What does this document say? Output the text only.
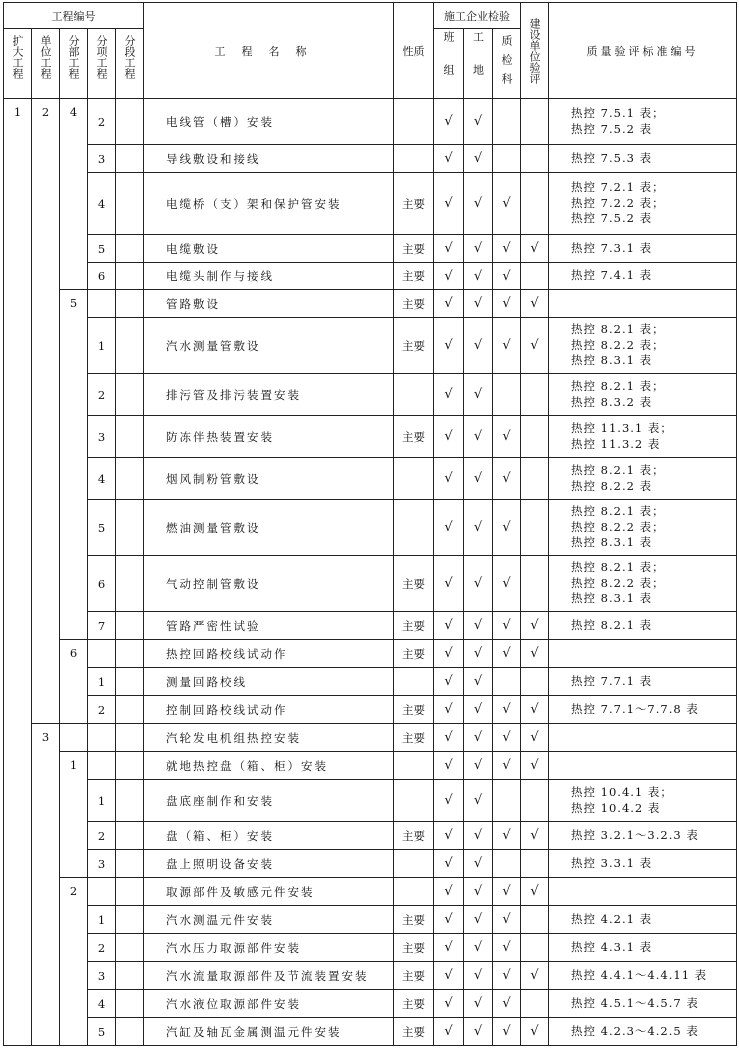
工程编号					工程名称	性质	施工企业检验			建设单位验评	质量验评标准编号

扩大工程	单位工程	分部工程	分项工程	分段工程			班组	工地	质检科		

1	2	4	2		电线管（槽）安装		√	√			热控 7.5.1 表；
热控 7.5.2 表

			3		导线敷设和接线		√	√			热控 7.5.3 表

			4		电缆桥（支）架和保护管安装	主要	√	√	√		热控 7.2.1 表；
热控 7.2.2 表；
热控 7.5.2 表

			5		电缆敷设	主要	√	√	√	√	热控 7.3.1 表

			6		电缆头制作与接线	主要	√	√	√		热控 7.4.1 表

		5			管路敷设	主要	√	√	√	√	
			1		汽水测量管敷设	主要	√	√	√	√	热控 8.2.1 表；
热控 8.2.2 表；
热控 8.3.1 表

			2		排污管及排污装置安装		√	√			热控 8.2.1 表；
热控 8.3.2 表

			3		防冻伴热装置安装	主要	√	√	√		热控 11.3.1 表；
热控 11.3.2 表

			4		烟风制粉管敷设		√	√	√		热控 8.2.1 表；
热控 8.2.2 表

			5		燃油测量管敷设		√	√	√		热控 8.2.1 表；
热控 8.2.2 表；
热控 8.3.1 表

			6		气动控制管敷设	主要	√	√	√		热控 8.2.1 表；
热控 8.2.2 表；
热控 8.3.1 表

			7		管路严密性试验	主要	√	√	√	√	热控 8.2.1 表

		6			热控回路校线试动作	主要	√	√	√	√	
			1		测量回路校线		√	√			热控 7.7.1 表

			2		控制回路校线试动作	主要	√	√	√	√	热控 7.7.1～7.7.8 表

	3				汽轮发电机组热控安装	主要	√	√	√	√	
		1			就地热控盘（箱、柜）安装		√	√	√	√	
			1		盘底座制作和安装		√	√			热控 10.4.1 表；
热控 10.4.2 表

			2		盘（箱、柜）安装	主要	√	√	√	√	热控 3.2.1～3.2.3 表

			3		盘上照明设备安装		√	√			热控 3.3.1 表

		2			取源部件及敏感元件安装		√	√	√	√	
			1		汽水测温元件安装	主要	√	√	√		热控 4.2.1 表

			2		汽水压力取源部件安装	主要	√	√	√		热控 4.3.1 表

			3		汽水流量取源部件及节流装置安装	主要	√	√	√	√	热控 4.4.1～4.4.11 表

			4		汽水液位取源部件安装	主要	√	√	√		热控 4.5.1～4.5.7 表

			5		汽缸及轴瓦金属测温元件安装	主要	√	√	√	√	热控 4.2.3～4.2.5 表
